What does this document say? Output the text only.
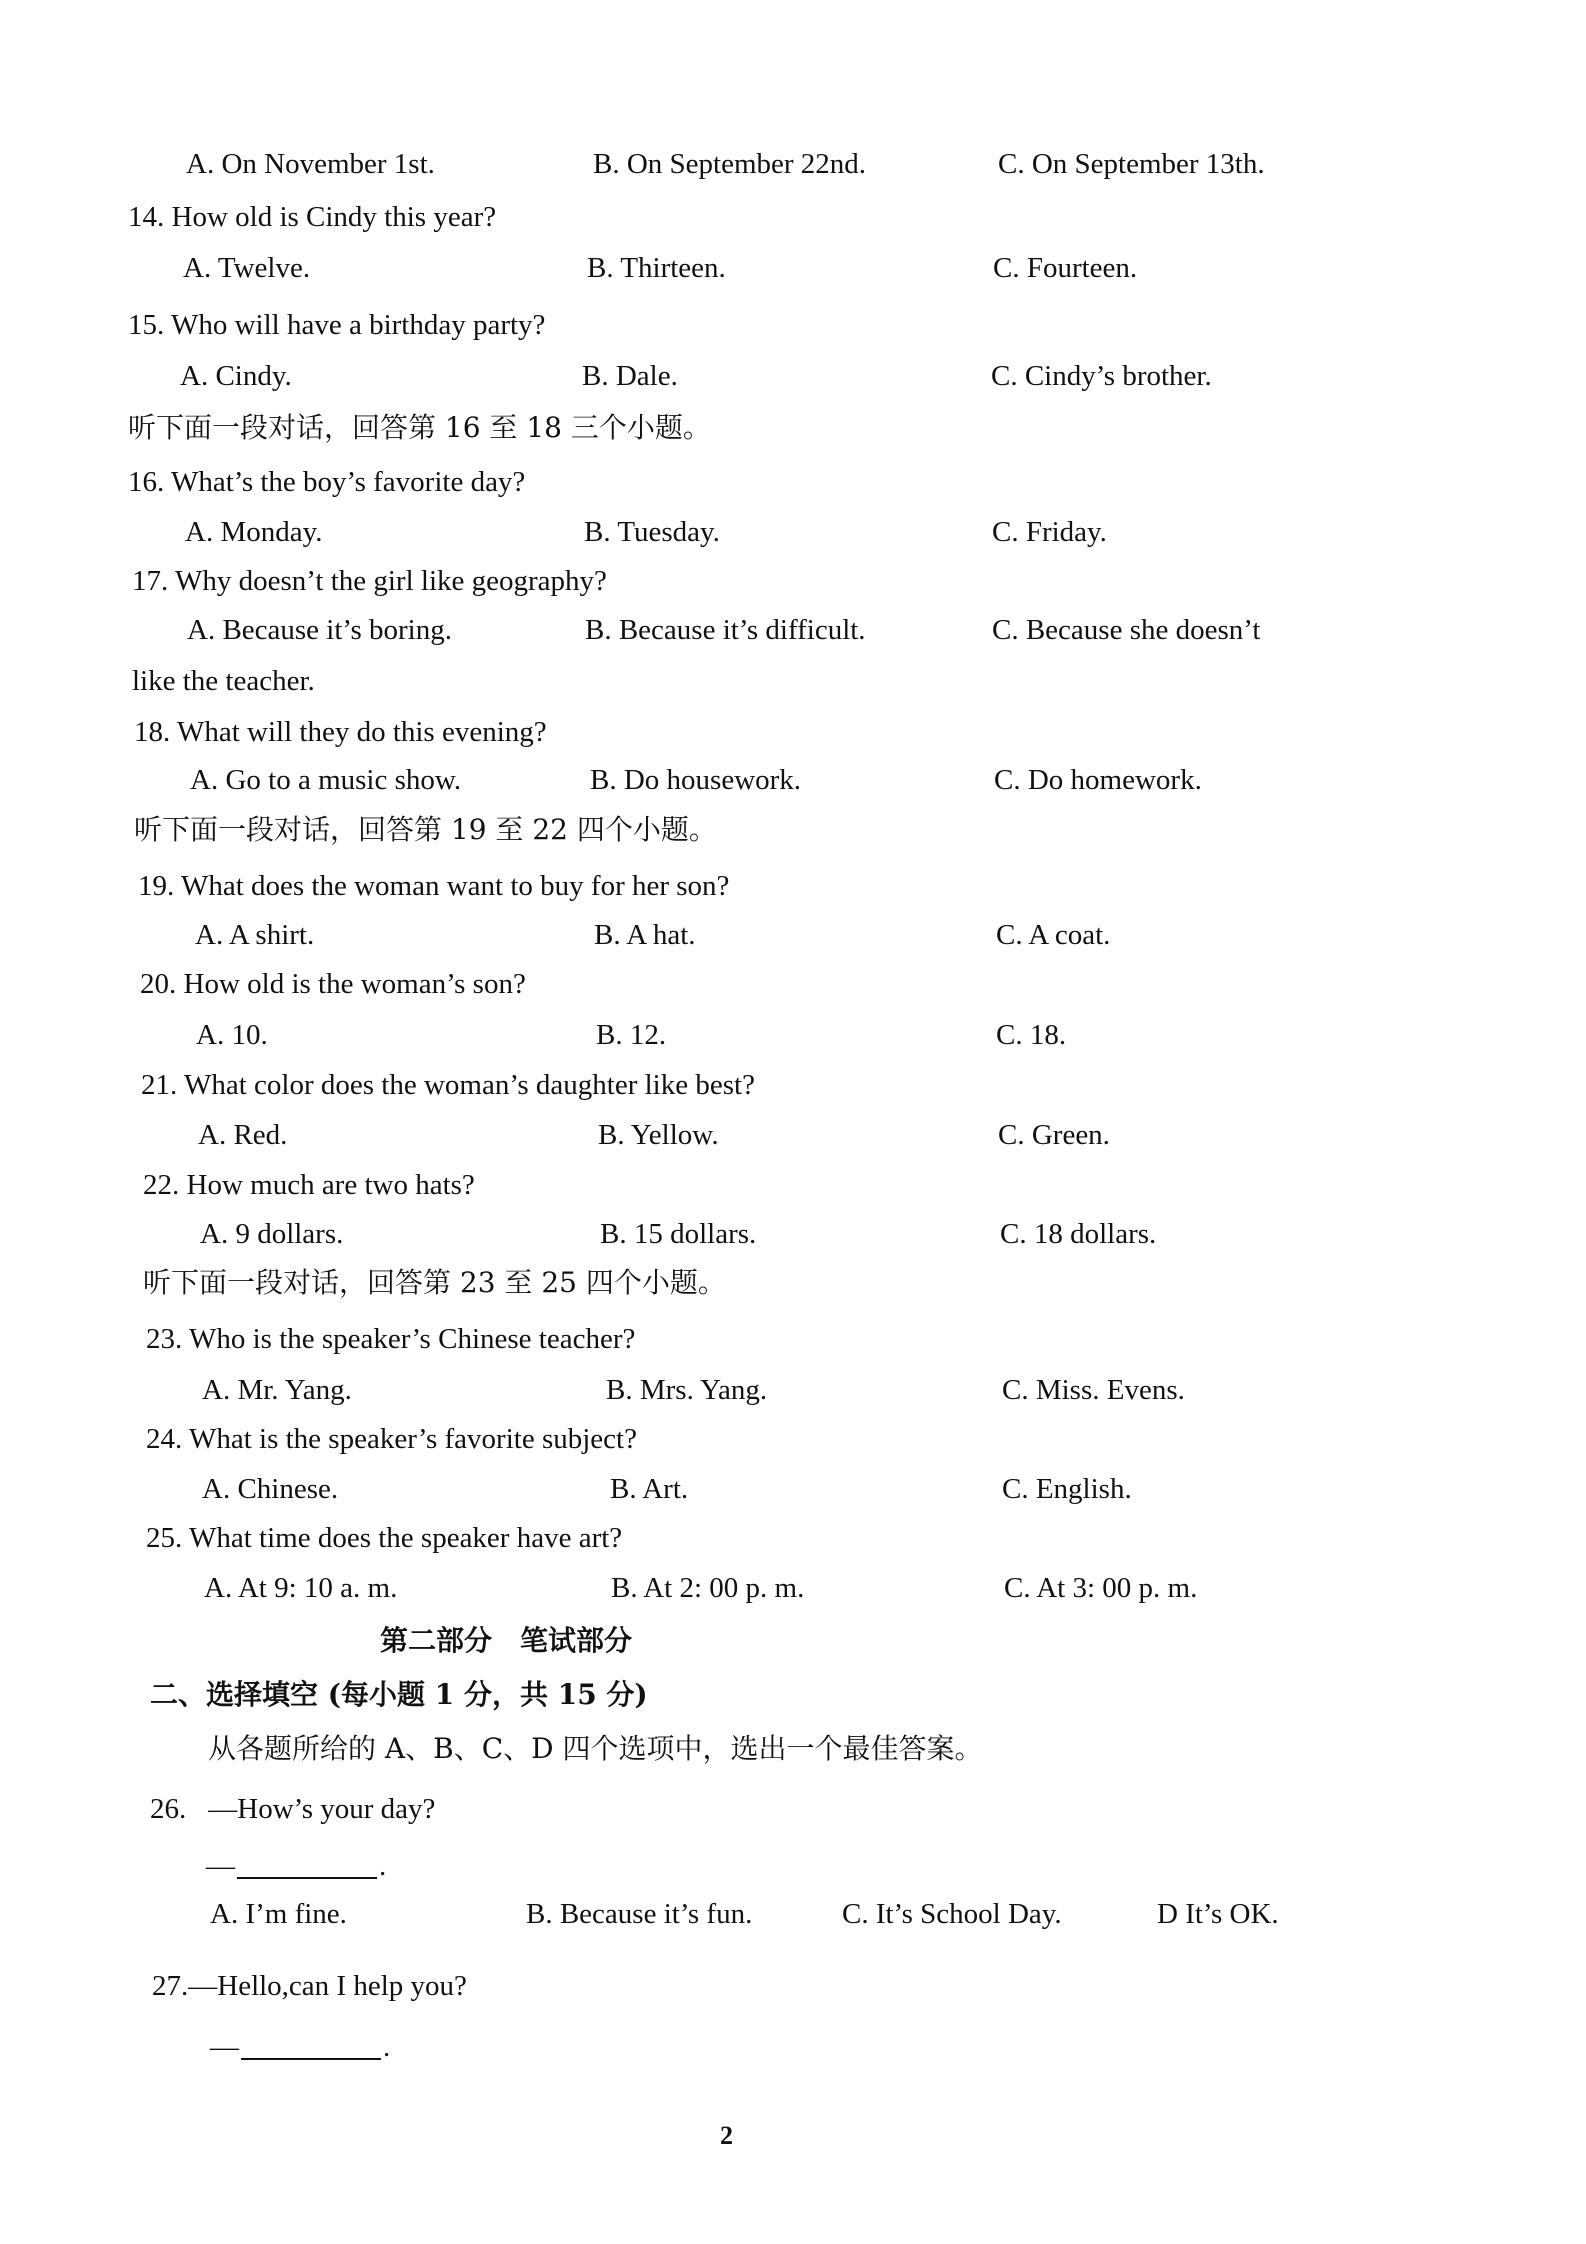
A. On November 1st.	B. On September 22nd.	C. On September 13th.
14. How old is Cindy this year?
A. Twelve.	B. Thirteen.	C. Fourteen.
15. Who will have a birthday party?
A. Cindy.	B. Dale.	C. Cindy’s brother.
听下面一段对话，回答第 16 至 18 三个小题。
16. What’s the boy’s favorite day?
A. Monday.	B. Tuesday.	C. Friday.
17. Why doesn’t the girl like geography?
A. Because it’s boring.	B. Because it’s difficult.	C. Because she doesn’t
like the teacher.
18. What will they do this evening?
A. Go to a music show.	B. Do housework.	C. Do homework.
听下面一段对话，回答第 19 至 22 四个小题。
19. What does the woman want to buy for her son?
A. A shirt.	B. A hat.	C. A coat.
20. How old is the woman’s son?
A. 10.	B. 12.	C. 18.
21. What color does the woman’s daughter like best?
A. Red.	B. Yellow.	C. Green.
22. How much are two hats?
A. 9 dollars.	B. 15 dollars.	C. 18 dollars.
听下面一段对话，回答第 23 至 25 四个小题。
23. Who is the speaker’s Chinese teacher?
A. Mr. Yang.	B. Mrs. Yang.	C. Miss. Evens.
24. What is the speaker’s favorite subject?
A. Chinese.	B. Art.	C. English.
25. What time does the speaker have art?
A. At 9: 10 a. m.	B. At 2: 00 p. m.	C. At 3: 00 p. m.
第二部分　笔试部分
二、选择填空 (每小题 1 分，共 15 分)
从各题所给的 A、B、C、D 四个选项中，选出一个最佳答案。
26. —How’s your day?
—	.
A. I’m fine.	B. Because it’s fun.	C. It’s School Day.	D It’s OK.
27.—Hello,can I help you?
—	.
2
